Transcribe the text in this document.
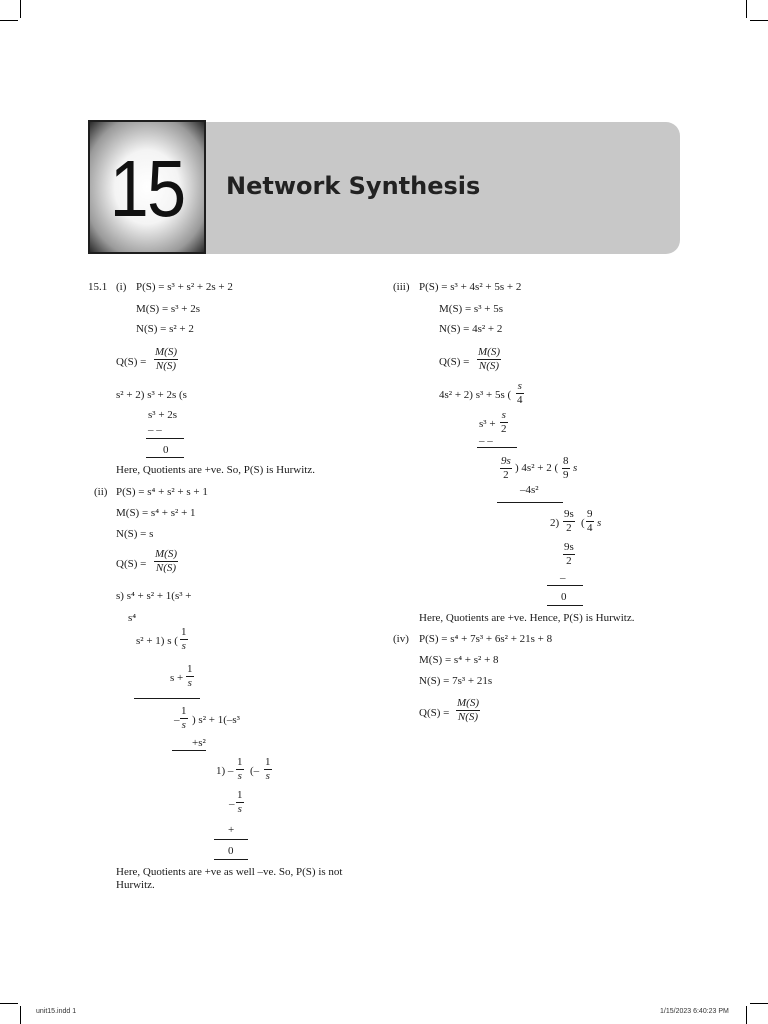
15	Network Synthesis
15.1 (i) P(S) = s³ + s² + 2s + 2
M(S) = s³ + 2s
N(S) = s² + 2
$Q(S) = \frac{M(S)}{N(S)}$
s² + 2) s³ + 2s (s
s³ + 2s
– –
0
Here, Quotients are +ve. So, P(S) is Hurwitz.
(ii) P(S) = s⁴ + s² + s + 1
M(S) = s⁴ + s² + 1
N(S) = s
$Q(S) = \frac{M(S)}{N(S)}$
s) s⁴ + s² + 1(s³ +
s⁴
s² + 1) s ( $\frac{1}{s}$
$s + \frac{1}{s}$
– $\frac{1}{s}$ ) s² + 1(–s³
+s²
$1) - \frac{1}{s}$ (– $\frac{1}{s}$
– $\frac{1}{s}$
+
0
Here, Quotients are +ve as well –ve. So, P(S) is not
Hurwitz.
(iii) P(S) = s³ + 4s² + 5s + 2
M(S) = s³ + 5s
N(S) = 4s² + 2
$Q(S) = \frac{M(S)}{N(S)}$
4s² + 2) s³ + 5s ( $\frac{s}{4}$
$s^3 + \frac{s}{2}$
– –
$\frac{9s}{2}$ ) 4s² + 2 ( $\frac{8}{9}$ s
–4s²
$2) \frac{9s}{2}$ ( $\frac{9}{4}$ s
$\frac{9s}{2}$
–
0
Here, Quotients are +ve. Hence, P(S) is Hurwitz.
(iv) P(S) = s⁴ + 7s³ + 6s² + 21s + 8
M(S) = s⁴ + s² + 8
N(S) = 7s³ + 21s
$Q(S) = \frac{M(S)}{N(S)}$
unit15.indd 1	1/15/2023 6:40:23 PM
